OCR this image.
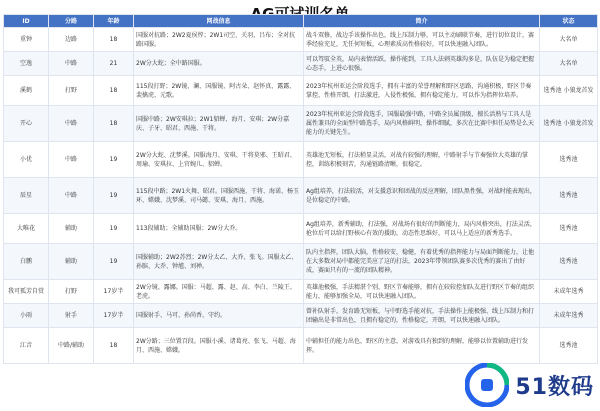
ID	分路	年龄	网战信息	简介	状态
重钟	边路	18	国服对抗路；2W2夏侯惇；2W1司空、关羽、吕布；全对抗路国服。	战斗双修，战边手该操作出色，线上压制力够，可以主动刷联节奏，进行切位设计，赛季经验充足，无任何短板，心理素质高性格较好，可以快速融入团队。	大名单
空逸	中路	21	2W分大蛇；全中路国服。	可以驾驭全英，局内表情活跃，操作能到，工具人法刺英雄沟多是，队伍是为稳定把握心态手，上进心很强。	大名单
溪鹤	打野	18	115段打野；2W镜、澜、国服镜、阿古朵、赵怀真、露露、裴擒虎、元歌。	2023年杭州亚运会阶段选手，拥有丰富的荣誉理解和野区思路，沟通积极，野区节奏掌控、性格开朗，打法激进，入侵性极强，拥有稳定能力，可以作为指挥位培养。	选秀池 小狼龙首发
开心	中路	18	国服中路；2W安琪拉；2W1貂蝉、海月、安琪；2W分嘉庆、子牙、昭君、西施、干将。	2023年杭州亚运会阶段选手，国服最强中路，中路全员属顶级，擅长活熟与工具人是属性兼具的全面型中路选手，局内风格鲜明，操作细腻，多次在比赛中担任局势是么天能力的关键先生。	选秀池 小狼龙首发
小优	中路	19	2W分大蛇、沈梦溪。国服海月、安琪、干将莫邪、王昭君、周瑜、安琪拉、上官婉儿、貂蝉。	英雄池无短板，打法稍显灵活，对战有较强的理解，中路射手与节奏强位大英雄的掌控，训练积极刻苦，沟通链路清晰，很稳定。	选秀池
辰星	中路	19	115段中路；2W1火舞、昭君。国服西施、干将、海诺、杨玉环、嫦娥、沈梦溪、司马懿、安琪、海月、西施。	Ag组培养，打法较活，对支援意识和团战的反应理解，团队黑性强，对战时能表现出，是位稳定的中路。	选秀池
大唯花	辅助	19	113段辅助；全辅助国服；2W分大乔。	Ag组培养，新秀辅助，打法强，对战场有很好的判断能力，局内风格突出，打法灵活，抢位后可以给打野核心有效的援助，动态性思维好，可以马上适应的新秀选手。	选秀池
白鹏	辅助	19	国服辅助；2W2苏烈；2W分太乙、大乔、张飞。国服太乙、孙膑、大乔、钟馗、刘禅。	队内主指挥，团队大脑，性格较安，稳健，有着优秀的指挥能力与局面判断能力，让他在大多数对局中都能完美应了这的打法，2023年带领团队赛多次优秀的赛出了由好成，赛面只有的一流的团队精神。	选秀池
我可孤芳自赏	打野	17岁半	2W分镜、露娜。国服：马超、露、赵、高、李白、兰陵王、老虎。	英雄池极强，手法精湛个别，野区节奏能够，拥有在较较控加队友进行野区节奏的组织能力，能够加强全局，可以快速融入团队。	未成年选秀
小雨	射手	17岁半	国服射手、马可、孙尚香、守约。	曾补队射手，发育路无短板，与中野选手能对抗，手法操作上能极强、线上压制力和打团输出是非常出色，且拥有稳定的，性格稳定，开朗，可以快速融入团队。	未成年选秀
江音	中路/辅助	18	2W分路；三位置百段。国服小溪、诸葛亮、张飞、马超、海月、西施、嫦娥。	中辅担任的能力出色，野区的主意，对游戏具有独到的理解，能够以位置辅助进行发挥。	选秀池
51数码
